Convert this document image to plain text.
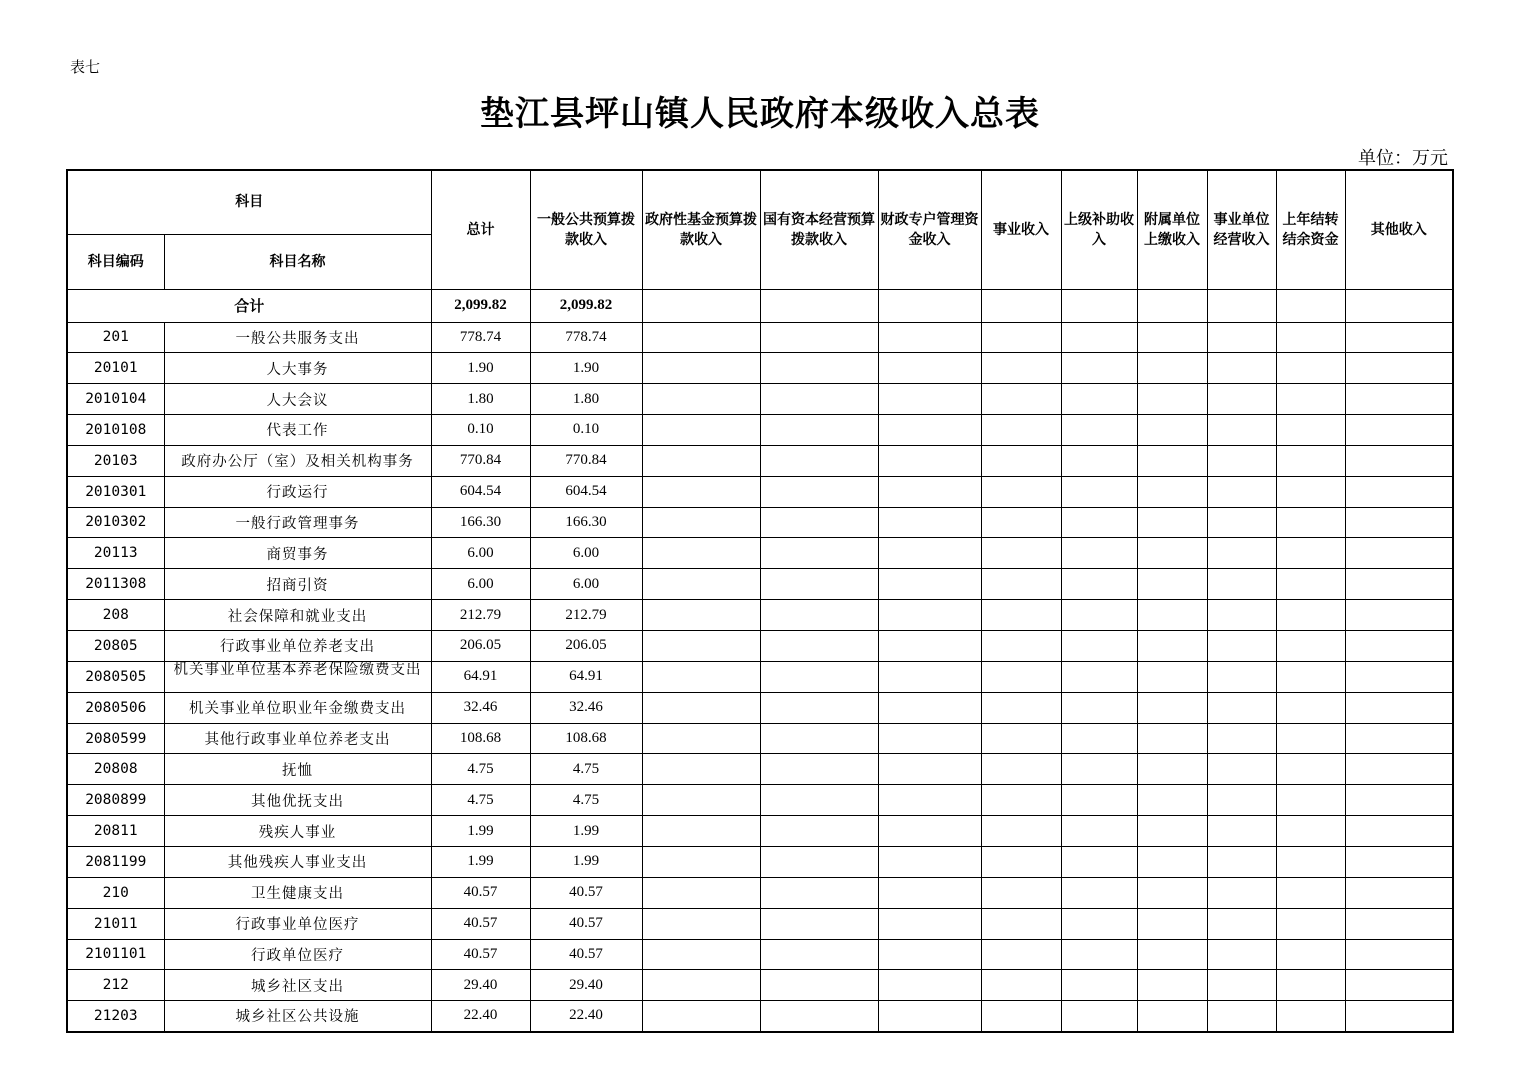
表七
垫江县坪山镇人民政府本级收入总表
单位：万元
科目		总计	一般公共预算拨款收入	政府性基金预算拨款收入	国有资本经营预算拨款收入	财政专户管理资金收入	事业收入	上级补助收入	附属单位上缴收入	事业单位经营收入	上年结转结余资金	其他收入
科目编码	科目名称											
合计		2,099.82	2,099.82									
201	一般公共服务支出	778.74	778.74									
20101	人大事务	1.90	1.90									
2010104	人大会议	1.80	1.80									
2010108	代表工作	0.10	0.10									
20103	政府办公厅（室）及相关机构事务	770.84	770.84									
2010301	行政运行	604.54	604.54									
2010302	一般行政管理事务	166.30	166.30									
20113	商贸事务	6.00	6.00									
2011308	招商引资	6.00	6.00									
208	社会保障和就业支出	212.79	212.79									
20805	行政事业单位养老支出	206.05	206.05									
2080505	机关事业单位基本养老保险缴费支出	64.91	64.91									
2080506	机关事业单位职业年金缴费支出	32.46	32.46									
2080599	其他行政事业单位养老支出	108.68	108.68									
20808	抚恤	4.75	4.75									
2080899	其他优抚支出	4.75	4.75									
20811	残疾人事业	1.99	1.99									
2081199	其他残疾人事业支出	1.99	1.99									
210	卫生健康支出	40.57	40.57									
21011	行政事业单位医疗	40.57	40.57									
2101101	行政单位医疗	40.57	40.57									
212	城乡社区支出	29.40	29.40									
21203	城乡社区公共设施	22.40	22.40									
